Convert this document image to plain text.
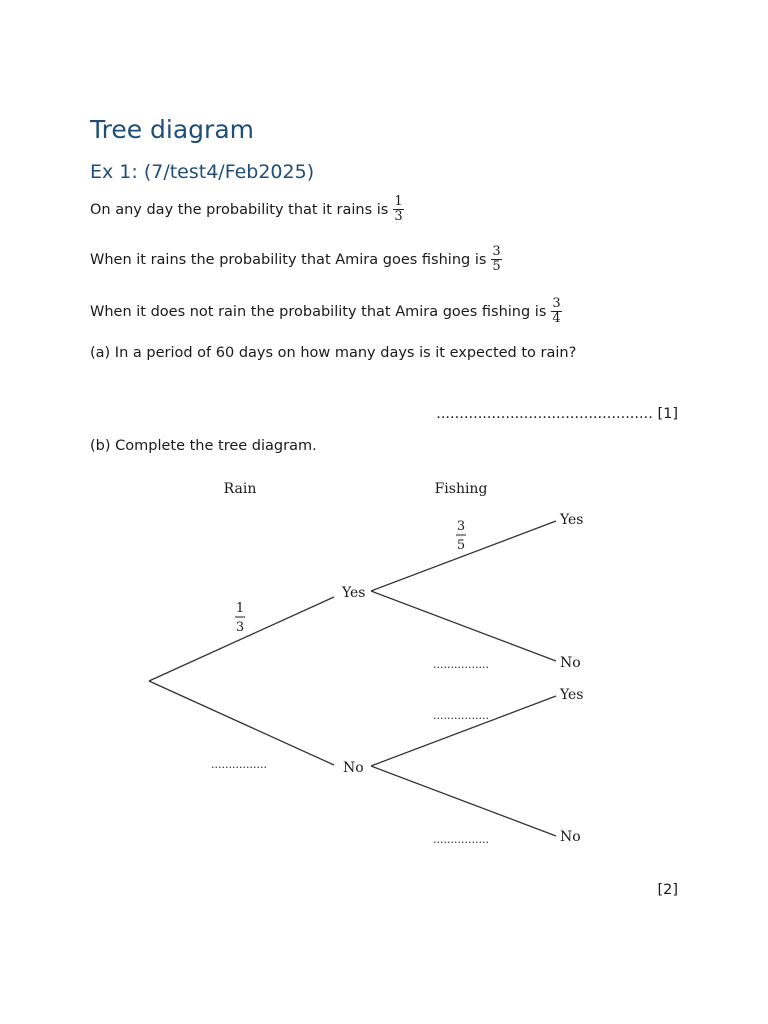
Tree diagram
Ex 1: (7/test4/Feb2025)
On any day the probability that it rains is $\frac{1}{3}$
When it rains the probability that Amira goes fishing is $\frac{3}{5}$
When it does not rain the probability that Amira goes fishing is $\frac{3}{4}$
(a) In a period of 60 days on how many days is it expected to rain?
............................................... [1]
(b) Complete the tree diagram.
Rain	Fishing
Yes
No
Yes
No
Yes
No
1
3
3
5
................
................
................
................
[2]
